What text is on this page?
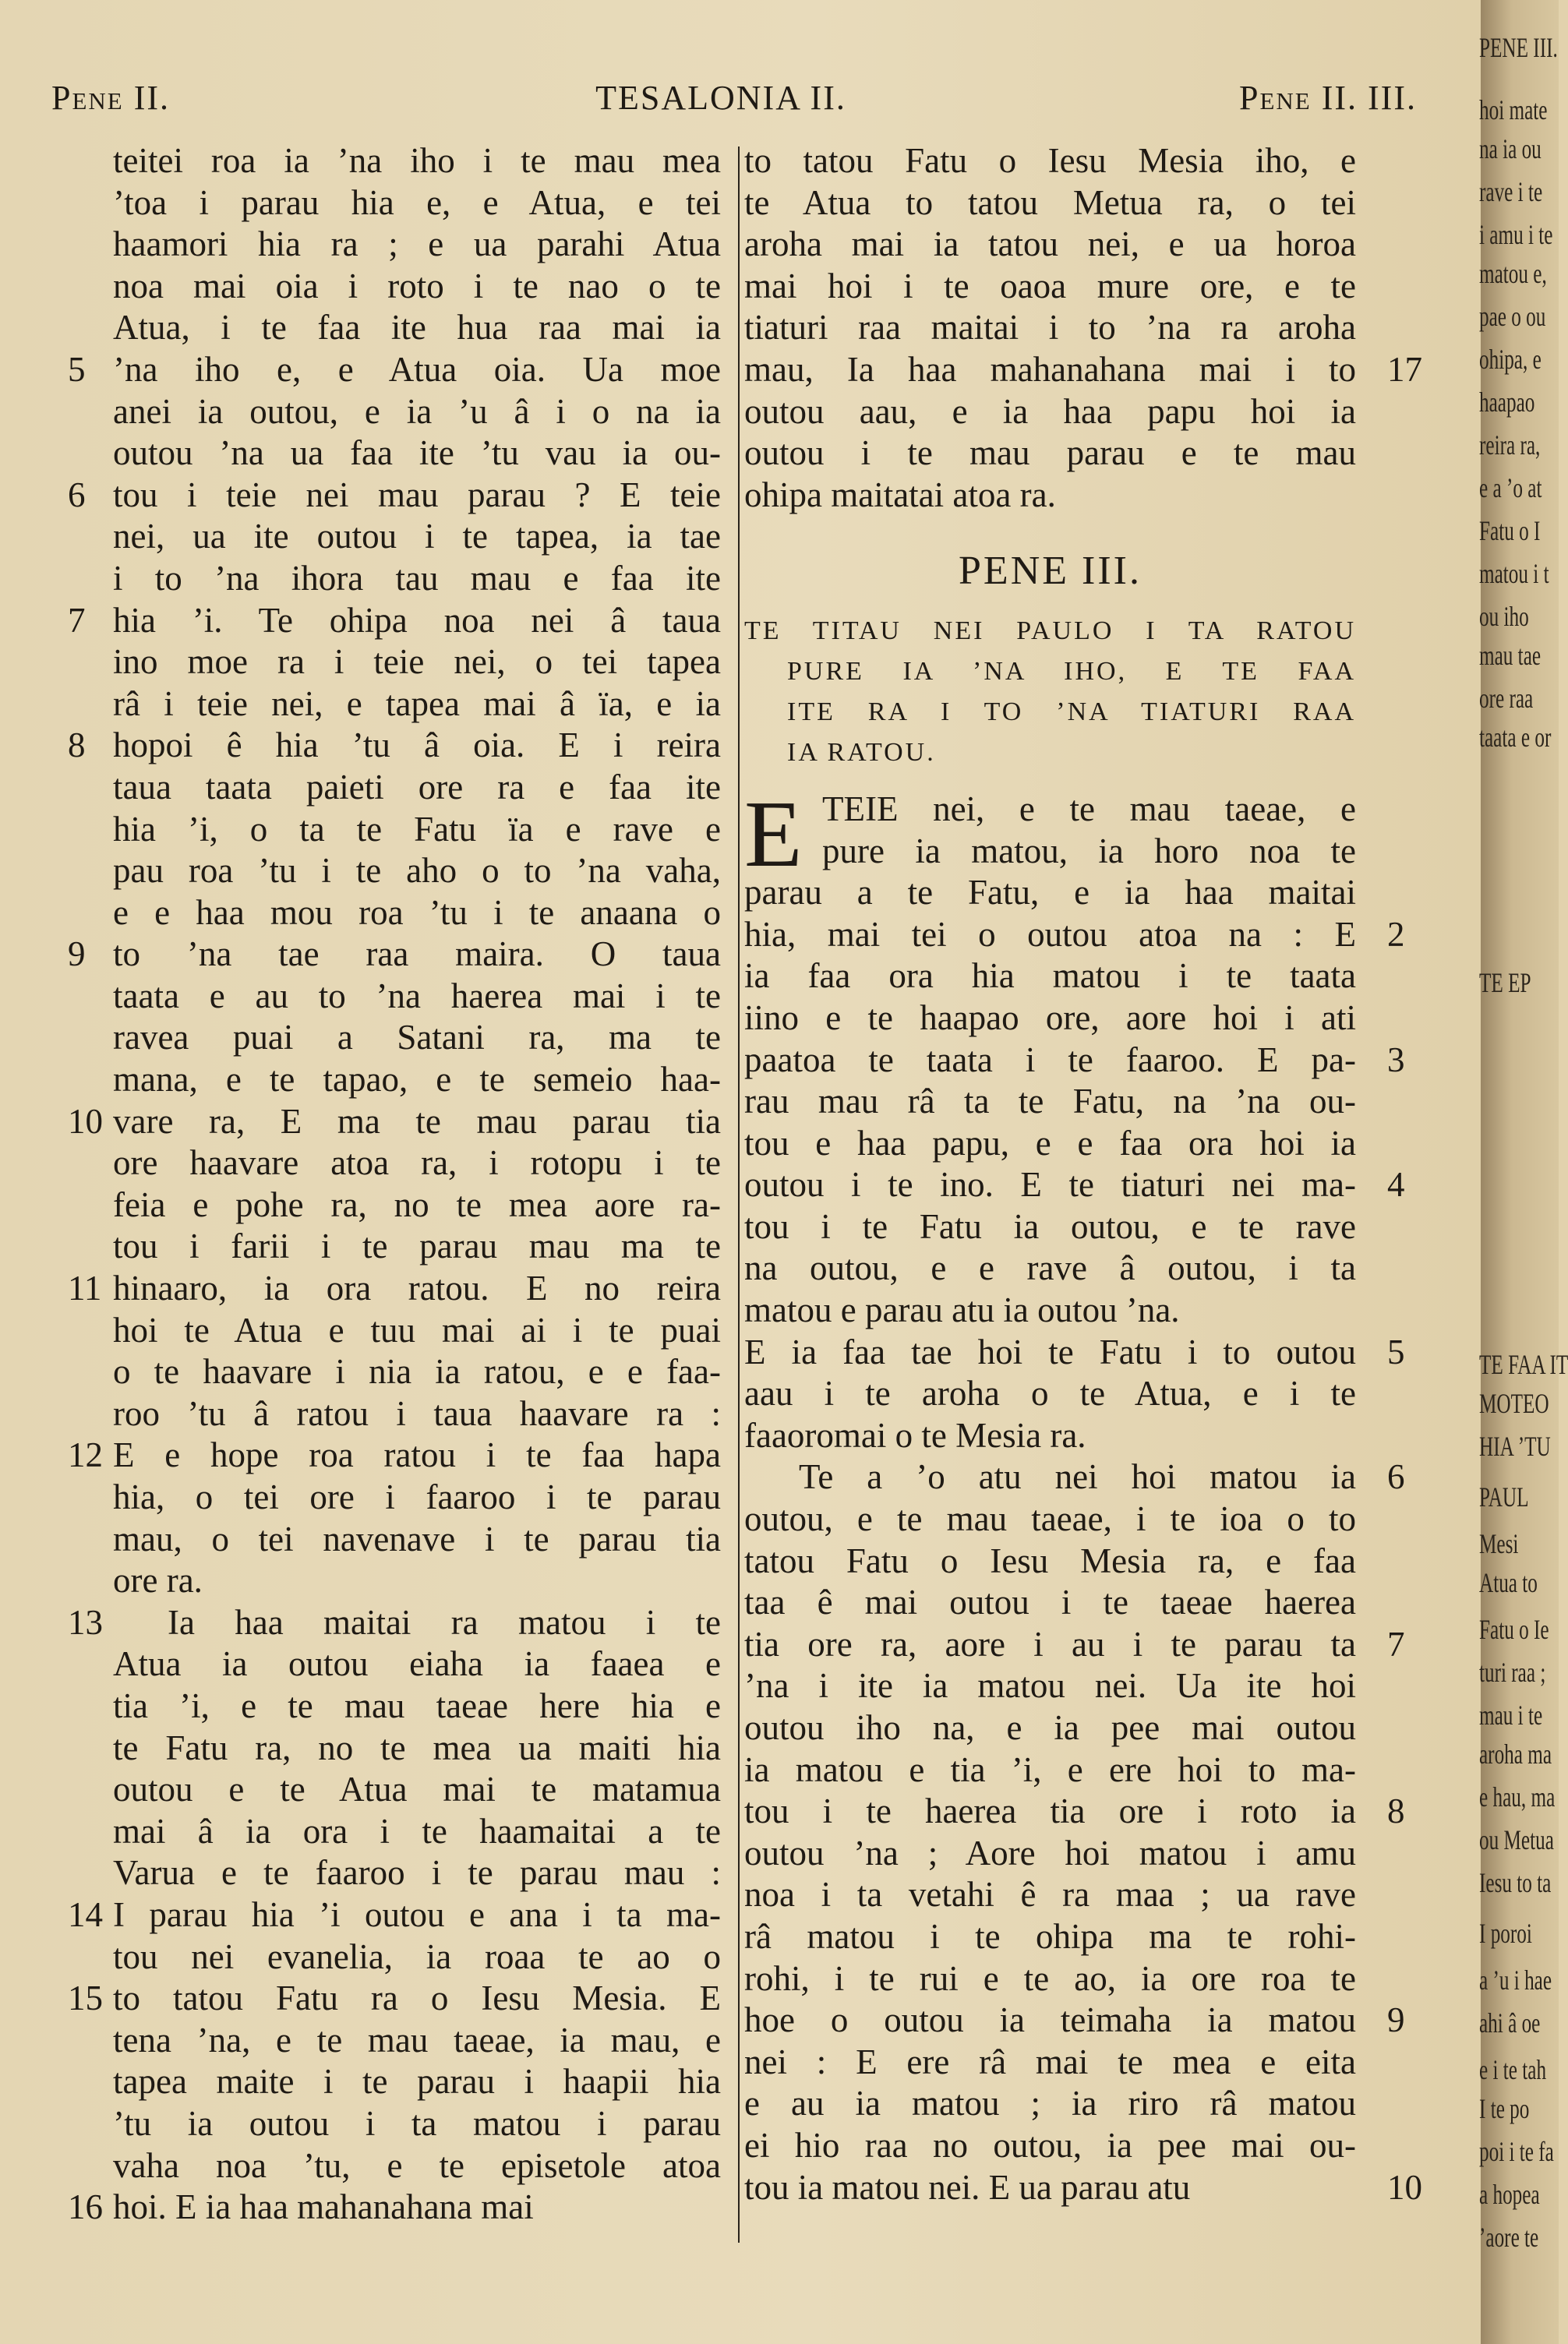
Pene II.	TESALONIA II.	Pene II. III.
teitei roa ia ’na iho i te mau mea
’toa i parau hia e, e Atua, e tei
haamori hia ra ; e ua parahi Atua
noa mai oia i roto i te nao o te
Atua, i te faa ite hua raa mai ia
5 ’na iho e, e Atua oia. Ua moe
anei ia outou, e ia ’u â i o na ia
outou ’na ua faa ite ’tu vau ia ou-
6 tou i teie nei mau parau ? E teie
nei, ua ite outou i te tapea, ia tae
i to ’na ihora tau mau e faa ite
7 hia ’i. Te ohipa noa nei â taua
ino moe ra i teie nei, o tei tapea
râ i teie nei, e tapea mai â ïa, e ia
8 hopoi ê hia ’tu â oia. E i reira
taua taata paieti ore ra e faa ite
hia ’i, o ta te Fatu ïa e rave e
pau roa ’tu i te aho o to ’na vaha,
e e haa mou roa ’tu i te anaana o
9 to ’na tae raa maira. O taua
taata e au to ’na haerea mai i te
ravea puai a Satani ra, ma te
mana, e te tapao, e te semeio haa-
10 vare ra, E ma te mau parau tia
ore haavare atoa ra, i rotopu i te
feia e pohe ra, no te mea aore ra-
tou i farii i te parau mau ma te
11 hinaaro, ia ora ratou. E no reira
hoi te Atua e tuu mai ai i te puai
o te haavare i nia ia ratou, e e faa-
roo ’tu â ratou i taua haavare ra :
12 E e hope roa ratou i te faa hapa
hia, o tei ore i faaroo i te parau
mau, o tei navenave i te parau tia
ore ra.
13 Ia haa maitai ra matou i te
Atua ia outou eiaha ia faaea e
tia ’i, e te mau taeae here hia e
te Fatu ra, no te mea ua maiti hia
outou e te Atua mai te matamua
mai â ia ora i te haamaitai a te
Varua e te faaroo i te parau mau :
14 I parau hia ’i outou e ana i ta ma-
tou nei evanelia, ia roaa te ao o
15 to tatou Fatu ra o Iesu Mesia. E
tena ’na, e te mau taeae, ia mau, e
tapea maite i te parau i haapii hia
’tu ia outou i ta matou i parau
vaha noa ’tu, e te episetole atoa
16 hoi. E ia haa mahanahana mai
to tatou Fatu o Iesu Mesia iho, e
te Atua to tatou Metua ra, o tei
aroha mai ia tatou nei, e ua horoa
mai hoi i te oaoa mure ore, e te
tiaturi raa maitai i to ’na ra aroha
17
mau, Ia haa mahanahana mai i to
outou aau, e ia haa papu hoi ia
outou i te mau parau e te mau
ohipa maitatai atoa ra.
PENE III.
TE TITAU NEI PAULO I TA RATOU
PURE IA ’NA IHO, E TE FAA
ITE RA I TO ’NA TIATURI RAA
IA RATOU.
E TEIE nei, e te mau taeae, e
pure ia matou, ia horo noa te
parau a te Fatu, e ia haa maitai
2
hia, mai tei o outou atoa na : E
ia faa ora hia matou i te taata
iino e te haapao ore, aore hoi i ati
3
paatoa te taata i te faaroo. E pa-
rau mau râ ta te Fatu, na ’na ou-
tou e haa papu, e e faa ora hoi ia
4
outou i te ino. E te tiaturi nei ma-
tou i te Fatu ia outou, e te rave
na outou, e e rave â outou, i ta
matou e parau atu ia outou ’na.
5
E ia faa tae hoi te Fatu i to outou
aau i te aroha o te Atua, e i te
faaoromai o te Mesia ra.
6
Te a ’o atu nei hoi matou ia
outou, e te mau taeae, i te ioa o to
tatou Fatu o Iesu Mesia ra, e faa
taa ê mai outou i te taeae haerea
7
tia ore ra, aore i au i te parau ta
’na i ite ia matou nei. Ua ite hoi
outou iho na, e ia pee mai outou
ia matou e tia ’i, e ere hoi to ma-
8
tou i te haerea tia ore i roto ia
outou ’na ; Aore hoi matou i amu
noa i ta vetahi ê ra maa ; ua rave
râ matou i te ohipa ma te rohi-
rohi, i te rui e te ao, ia ore roa te
9
hoe o outou ia teimaha ia matou
nei : E ere râ mai te mea e eita
e au ia matou ; ia riro râ matou
ei hio raa no outou, ia pee mai ou-
10
tou ia matou nei. E ua parau atu
PENE III.
hoi mate
na ia ou
rave i te
i amu i te
matou e,
pae o ou
ohipa, e
haapao
reira ra,
e a ’o at
Fatu o I
matou i t
ou iho
mau tae
ore raa
taata e or
TE EP
TE FAA IT
MOTEO
HIA ’TU
PAUL
Mesi
Atua to
Fatu o Ie
turi raa ;
mau i te
aroha ma
e hau, ma
ou Metua
Iesu to ta
I poroi
a ’u i hae
ahi â oe
e i te tah
I te po
poi i te fa
a hopea
’aore te
